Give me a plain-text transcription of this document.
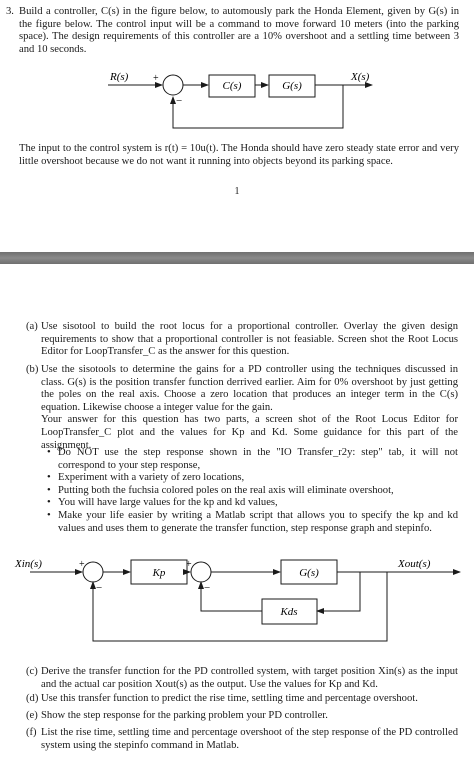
3. Build a controller, C(s) in the figure below, to automously park the Honda Element, given by G(s) in the figure below. The control input will be a command to move forward 10 meters (into the parking space). The design requirements of this controller are a 10% overshoot and a settling time between 3 and 10 seconds.
R(s)	X(s)
+
−
C(s)	G(s)
The input to the control system is r(t) = 10u(t). The Honda should have zero steady state error and very little overshoot because we do not want it running into objects beyond its parking space.
1
(a) Use sisotool to build the root locus for a proportional controller. Overlay the given design requirements to show that a proportional controller is not feasiable. Screen shot the Root Locus Editor for LoopTransfer_C as the answer for this question.
(b) Use the sisotools to determine the gains for a PD controller using the techniques discussed in class. G(s) is the position transfer function derrived earlier. Aim for 0% overshoot by just getting the poles on the real axis. Choose a zero location that produces an integer term in the C(s) equation. Likewise choose a integer value for the gain.
Your answer for this question has two parts, a screen shot of the Root Locus Editor for LoopTransfer_C plot and the values for Kp and Kd. Some guidance for this part of the assignment.
• Do NOT use the step response shown in the "IO Transfer_r2y: step" tab, it will not correspond to your step response,
• Experiment with a variety of zero locations,
• Putting both the fuchsia colored poles on the real axis will eliminate overshoot,
• You will have large values for the kp and kd values,
• Make your life easier by writing a Matlab script that allows you to specify the kp and kd values and uses them to generate the transfer function, step response graph and stepinfo.
Xin(s)	+
−
+
−
Kp	G(s)
Kds
Xout(s)
(c) Derive the transfer function for the PD controlled system, with target position Xin(s) as the input and the actual car position Xout(s) as the output. Use the values for Kp and Kd.
(d) Use this transfer function to predict the rise time, settling time and percentage overshoot.
(e) Show the step response for the parking problem your PD controller.
(f) List the rise time, settling time and percentage overshoot of the step response of the PD controlled system using the stepinfo command in Matlab.
